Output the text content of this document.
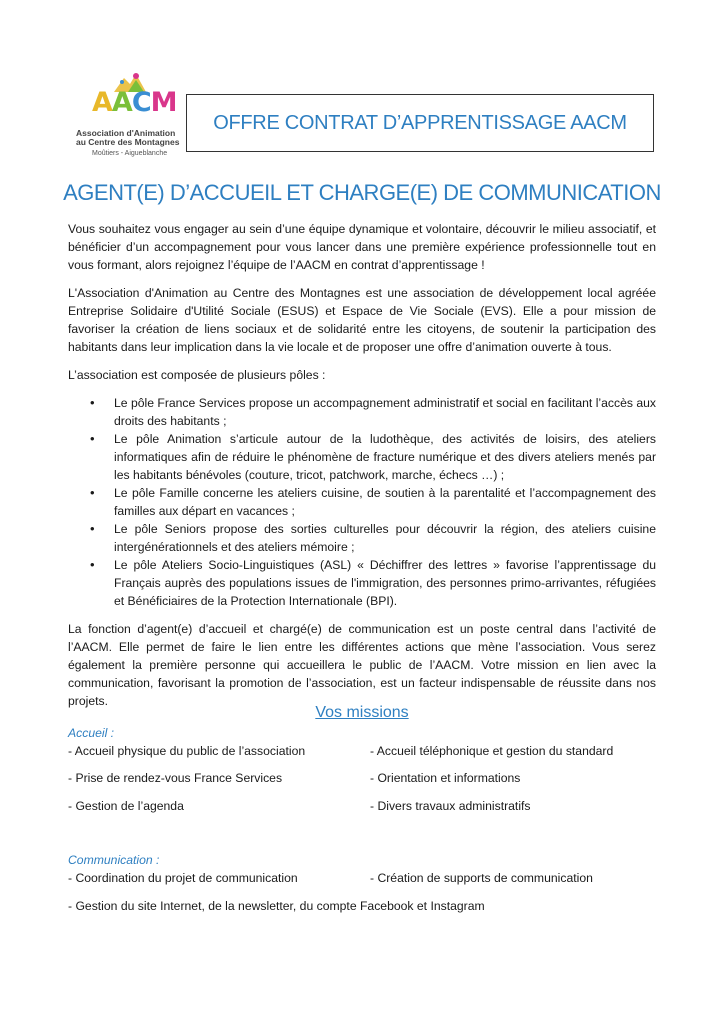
AACM
Association d'Animation
au Centre des Montagnes
Moûtiers - Aigueblanche
OFFRE CONTRAT D’APPRENTISSAGE AACM
AGENT(E) D’ACCUEIL ET CHARGE(E) DE COMMUNICATION

Vous souhaitez vous engager au sein d’une équipe dynamique et volontaire, découvrir le milieu associatif, et bénéficier d’un accompagnement pour vous lancer dans une première expérience professionnelle tout en vous formant, alors rejoignez l’équipe de l’AACM en contrat d’apprentissage !

L'Association d'Animation au Centre des Montagnes est une association de développement local agréée Entreprise Solidaire d'Utilité Sociale (ESUS) et Espace de Vie Sociale (EVS). Elle a pour mission de favoriser la création de liens sociaux et de solidarité entre les citoyens, de soutenir la participation des habitants dans leur implication dans la vie locale et de proposer une offre d’animation ouverte à tous.

L’association est composée de plusieurs pôles :

• Le pôle France Services propose un accompagnement administratif et social en facilitant l’accès aux droits des habitants ;
• Le pôle Animation s’articule autour de la ludothèque, des activités de loisirs, des ateliers informatiques afin de réduire le phénomène de fracture numérique et des divers ateliers menés par les habitants bénévoles (couture, tricot, patchwork, marche, échecs …) ;
• Le pôle Famille concerne les ateliers cuisine, de soutien à la parentalité et l’accompagnement des familles aux départ en vacances ;
• Le pôle Seniors propose des sorties culturelles pour découvrir la région, des ateliers cuisine intergénérationnels et des ateliers mémoire ;
• Le pôle Ateliers Socio-Linguistiques (ASL) « Déchiffrer des lettres » favorise l’apprentissage du Français auprès des populations issues de l'immigration, des personnes primo-arrivantes, réfugiées et Bénéficiaires de la Protection Internationale (BPI).

La fonction d’agent(e) d’accueil et chargé(e) de communication est un poste central dans l’activité de l’AACM. Elle permet de faire le lien entre les différentes actions que mène l’association. Vous serez également la première personne qui accueillera le public de l’AACM. Votre mission en lien avec la communication, favorisant la promotion de l’association, est un facteur indispensable de réussite dans nos projets.

Vos missions
Accueil :
- Accueil physique du public de l’association	- Accueil téléphonique et gestion du standard
- Prise de rendez-vous France Services	- Orientation et informations
- Gestion de l’agenda	- Divers travaux administratifs
Communication :
- Coordination du projet de communication	- Création de supports de communication
- Gestion du site Internet, de la newsletter, du compte Facebook et Instagram
